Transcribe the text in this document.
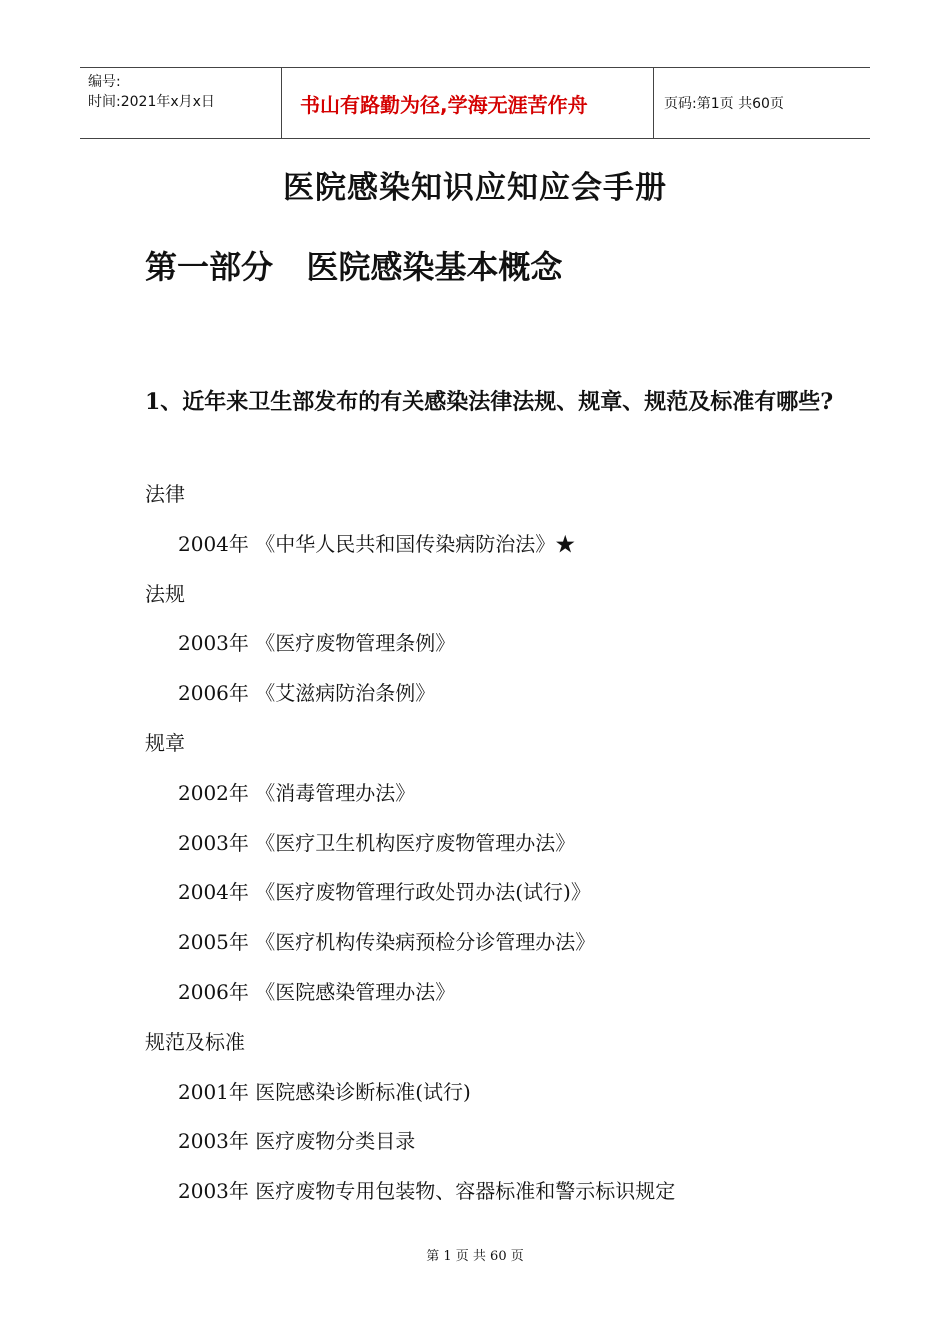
编号:
时间:2021年x月x日	书山有路勤为径,学海无涯苦作舟	页码:第1页 共60页
医院感染知识应知应会手册
第一部分   医院感染基本概念
1、近年来卫生部发布的有关感染法律法规、规章、规范及标准有哪些?
法律
2004年 《中华人民共和国传染病防治法》★
法规
2003年 《医疗废物管理条例》
2006年 《艾滋病防治条例》
规章
2002年 《消毒管理办法》
2003年 《医疗卫生机构医疗废物管理办法》
2004年 《医疗废物管理行政处罚办法(试行)》
2005年 《医疗机构传染病预检分诊管理办法》
2006年 《医院感染管理办法》
规范及标准
2001年 医院感染诊断标准(试行)
2003年 医疗废物分类目录
2003年 医疗废物专用包装物、容器标准和警示标识规定
第 1 页 共 60 页
